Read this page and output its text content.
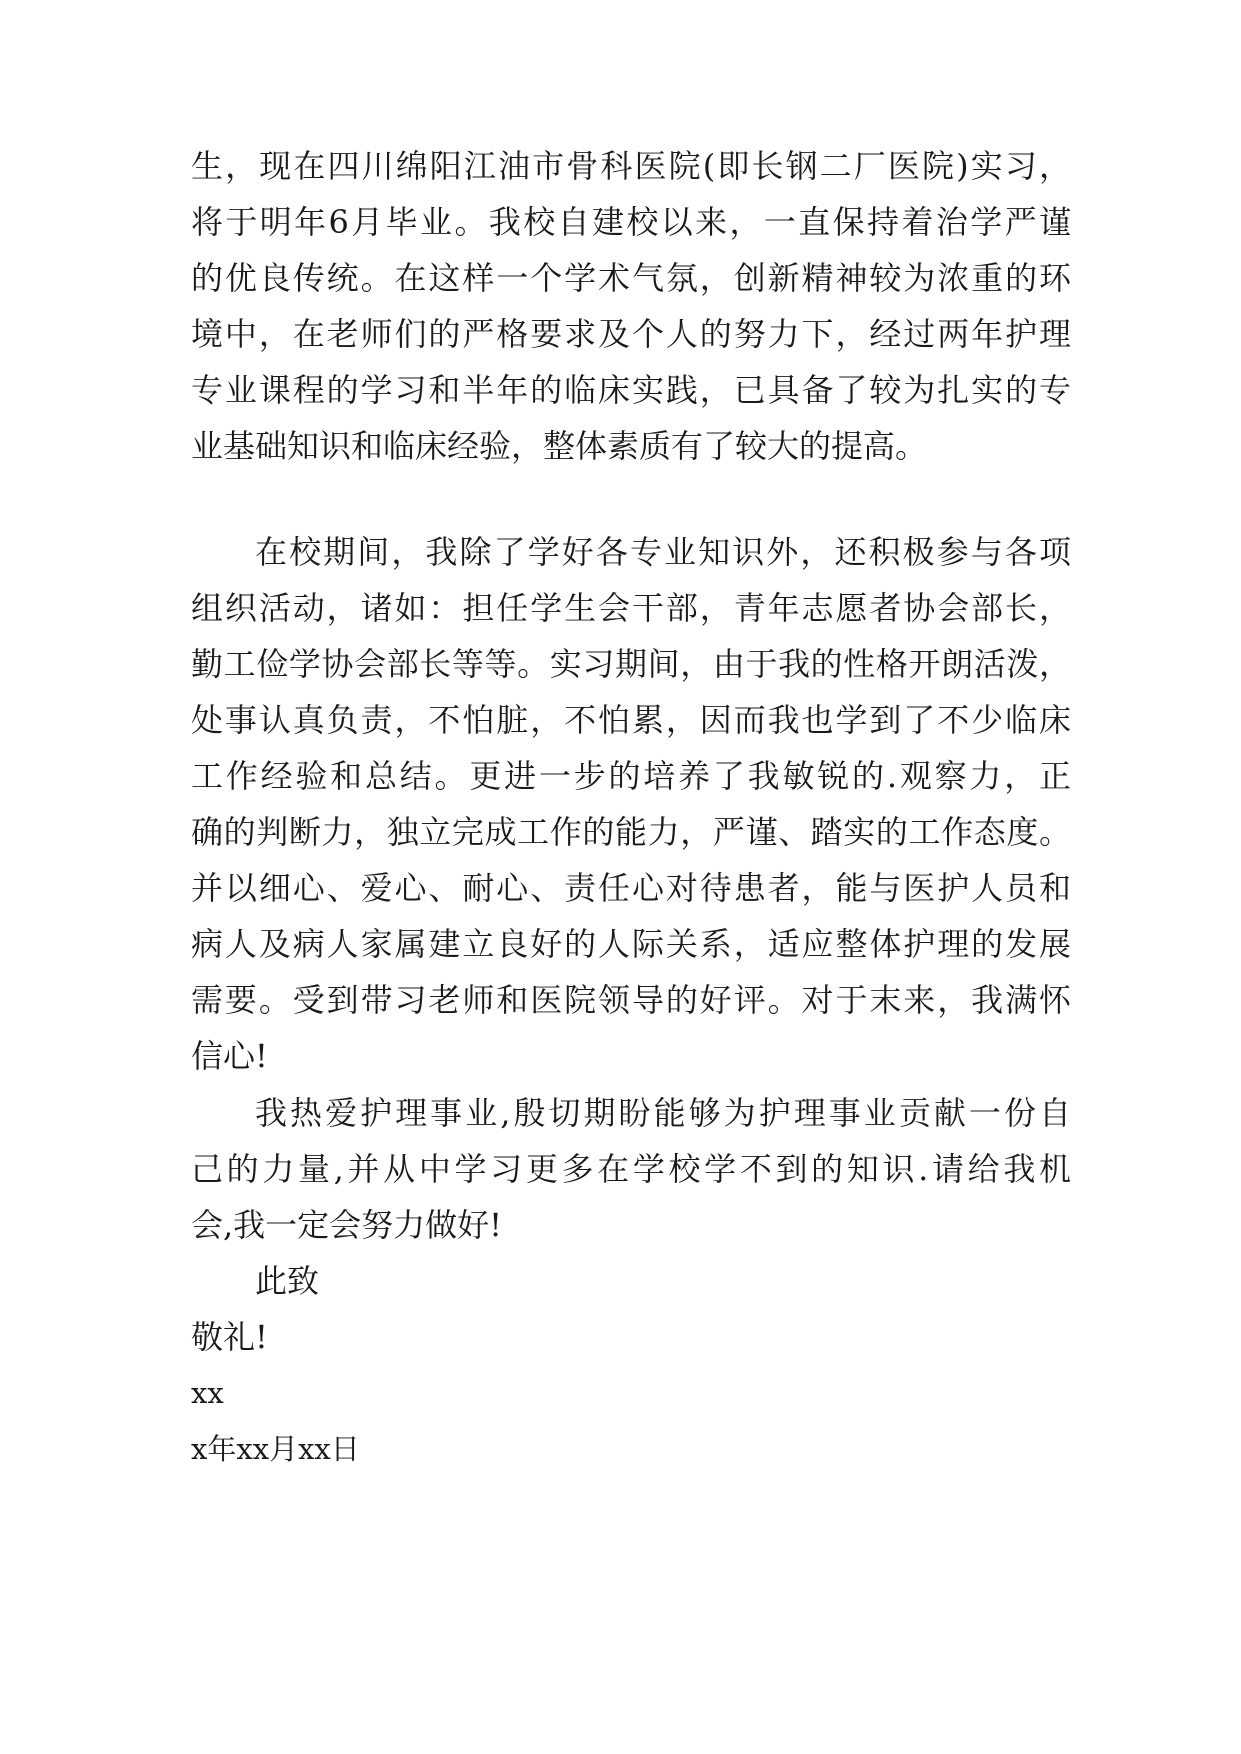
生，现在四川绵阳江油市骨科医院(即长钢二厂医院)实习，
将于明年6月毕业。我校自建校以来，一直保持着治学严谨
的优良传统。在这样一个学术气氛，创新精神较为浓重的环
境中，在老师们的严格要求及个人的努力下，经过两年护理
专业课程的学习和半年的临床实践，已具备了较为扎实的专
业基础知识和临床经验，整体素质有了较大的提高。
在校期间，我除了学好各专业知识外，还积极参与各项
组织活动，诸如：担任学生会干部，青年志愿者协会部长，
勤工俭学协会部长等等。实习期间，由于我的性格开朗活泼，
处事认真负责，不怕脏，不怕累，因而我也学到了不少临床
工作经验和总结。更进一步的培养了我敏锐的.观察力，正
确的判断力，独立完成工作的能力，严谨、踏实的工作态度。
并以细心、爱心、耐心、责任心对待患者，能与医护人员和
病人及病人家属建立良好的人际关系，适应整体护理的发展
需要。受到带习老师和医院领导的好评。对于末来，我满怀
信心!
我热爱护理事业,殷切期盼能够为护理事业贡献一份自
己的力量,并从中学习更多在学校学不到的知识.请给我机
会,我一定会努力做好!
此致
敬礼!
xx
x年xx月xx日
